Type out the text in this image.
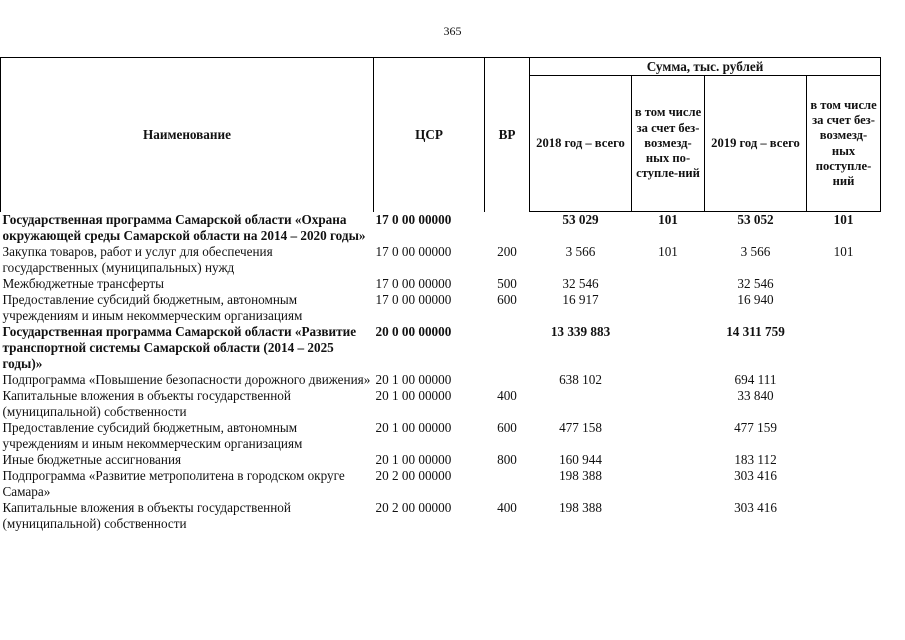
365
Наименование	ЦСР	ВР	Сумма, тыс. рублей			
			2018 год – всего	в том числе за счет без-возмезд-ных по-ступле-ний	2019 год – всего	в том числе за счет без-возмезд-ных поступле-ний
Государственная программа Самарской области «Охрана окружающей среды Самарской области на 2014 – 2020 годы»	17 0 00 00000		53 029	101	53 052	101
Закупка товаров, работ и услуг для обеспечения государственных (муниципальных) нужд	17 0 00 00000	200	3 566	101	3 566	101
Межбюджетные трансферты	17 0 00 00000	500	32 546		32 546	
Предоставление субсидий бюджетным, автономным учреждениям и иным некоммерческим организациям	17 0 00 00000	600	16 917		16 940	
Государственная программа Самарской области «Развитие транспортной системы Самарской области (2014 – 2025 годы)»	20 0 00 00000		13 339 883		14 311 759	
Подпрограмма «Повышение безопасности дорожного движения»	20 1 00 00000		638 102		694 111	
Капитальные вложения в объекты государственной (муниципальной) собственности	20 1 00 00000	400			33 840	
Предоставление субсидий бюджетным, автономным учреждениям и иным некоммерческим организациям	20 1 00 00000	600	477 158		477 159	
Иные бюджетные ассигнования	20 1 00 00000	800	160 944		183 112	
Подпрограмма «Развитие метрополитена в городском округе Самара»	20 2 00 00000		198 388		303 416	
Капитальные вложения в объекты государственной (муниципальной) собственности	20 2 00 00000	400	198 388		303 416	
